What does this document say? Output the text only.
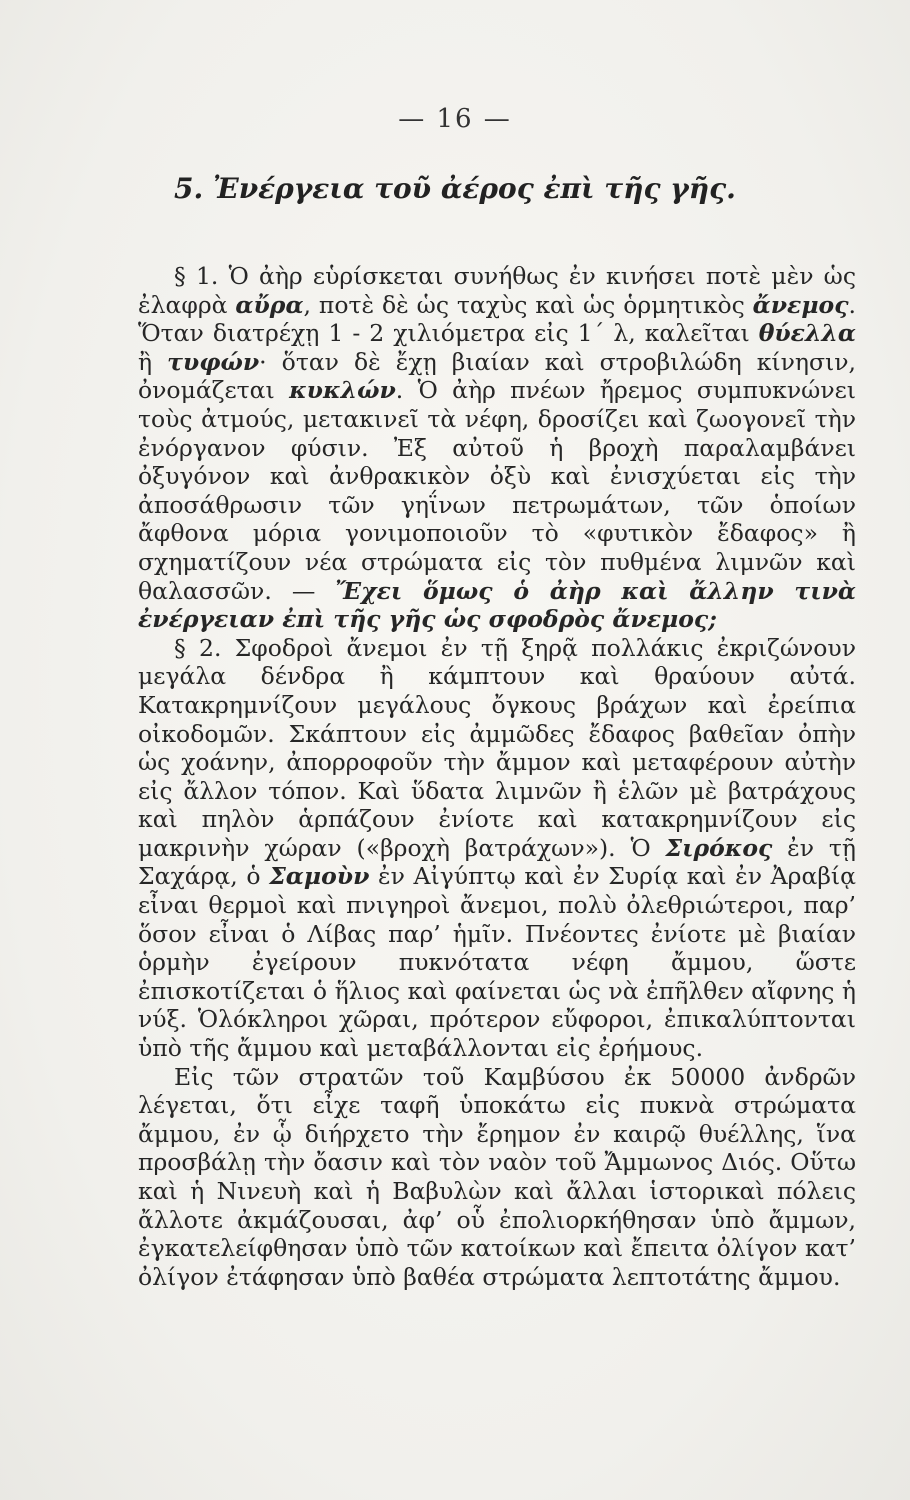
— 16 —
5. Ἐνέργεια τοῦ ἀέρος ἐπὶ τῆς γῆς.

§ 1. Ὁ ἀὴρ εὑρίσκεται συνήθως ἐν κινήσει ποτὲ μὲν ὡς ἐλαφρὰ αὔρα, ποτὲ δὲ ὡς ταχὺς καὶ ὡς ὁρμητικὸς ἄνεμος. Ὅταν διατρέχῃ 1 - 2 χιλιόμετρα εἰς 1΄ λ, καλεῖται θύελλα ἢ τυφών· ὅταν δὲ ἔχῃ βιαίαν καὶ στροβιλώδη κίνησιν, ὀνομάζεται κυκλών. Ὁ ἀὴρ πνέων ἤρεμος συμπυκνώνει τοὺς ἀτμούς, μετακινεῖ τὰ νέφη, δροσίζει καὶ ζωογονεῖ τὴν ἐνόργανον φύσιν. Ἐξ αὐτοῦ ἡ βροχὴ παραλαμβάνει ὀξυγόνον καὶ ἀνθρακικὸν ὀξὺ καὶ ἐνισχύεται εἰς τὴν ἀποσάθρωσιν τῶν γηΐνων πετρωμάτων, τῶν ὁποίων ἄφθονα μόρια γονιμοποιοῦν τὸ «φυτικὸν ἔδαφος» ἢ σχηματίζουν νέα στρώματα εἰς τὸν πυθμένα λιμνῶν καὶ θαλασσῶν. — Ἔχει ὅμως ὁ ἀὴρ καὶ ἄλλην τινὰ ἐνέργειαν ἐπὶ τῆς γῆς ὡς σφοδρὸς ἄνεμος;

§ 2. Σφοδροὶ ἄνεμοι ἐν τῇ ξηρᾷ πολλάκις ἐκριζώνουν μεγάλα δένδρα ἢ κάμπτουν καὶ θραύουν αὐτά. Κατακρημνίζουν μεγάλους ὄγκους βράχων καὶ ἐρείπια οἰκοδομῶν. Σκάπτουν εἰς ἀμμῶδες ἔδαφος βαθεῖαν ὀπὴν ὡς χοάνην, ἀπορροφοῦν τὴν ἄμμον καὶ μεταφέρουν αὐτὴν εἰς ἄλλον τόπον. Καὶ ὕδατα λιμνῶν ἢ ἑλῶν μὲ βατράχους καὶ πηλὸν ἁρπάζουν ἐνίοτε καὶ κατακρημνίζουν εἰς μακρινὴν χώραν («βροχὴ βατράχων»). Ὁ Σιρόκος ἐν τῇ Σαχάρᾳ, ὁ Σαμοὺν ἐν Αἰγύπτῳ καὶ ἐν Συρίᾳ καὶ ἐν Ἀραβίᾳ εἶναι θερμοὶ καὶ πνιγηροὶ ἄνεμοι, πολὺ ὀλεθριώτεροι, παρ’ ὅσον εἶναι ὁ Λίβας παρ’ ἡμῖν. Πνέοντες ἐνίοτε μὲ βιαίαν ὁρμὴν ἐγείρουν πυκνότατα νέφη ἄμμου, ὥστε ἐπισκοτίζεται ὁ ἥλιος καὶ φαίνεται ὡς νὰ ἐπῆλθεν αἴφνης ἡ νύξ. Ὁλόκληροι χῶραι, πρότερον εὔφοροι, ἐπικαλύπτονται ὑπὸ τῆς ἄμμου καὶ μεταβάλλονται εἰς ἐρήμους.

Εἰς τῶν στρατῶν τοῦ Καμβύσου ἐκ 50000 ἀνδρῶν λέγεται, ὅτι εἶχε ταφῆ ὑποκάτω εἰς πυκνὰ στρώματα ἄμμου, ἐν ᾧ διήρχετο τὴν ἔρημον ἐν καιρῷ θυέλλης, ἵνα προσβάλῃ τὴν ὄασιν καὶ τὸν ναὸν τοῦ Ἄμμωνος Διός. Οὕτω καὶ ἡ Νινευὴ καὶ ἡ Βαβυλὼν καὶ ἄλλαι ἱστορικαὶ πόλεις ἄλλοτε ἀκμάζουσαι, ἀφ’ οὗ ἐπολιορκήθησαν ὑπὸ ἄμμων, ἐγκατελείφθησαν ὑπὸ τῶν κατοίκων καὶ ἔπειτα ὀλίγον κατ’ ὀλίγον ἐτάφησαν ὑπὸ βαθέα στρώματα λεπτοτάτης ἄμμου.
